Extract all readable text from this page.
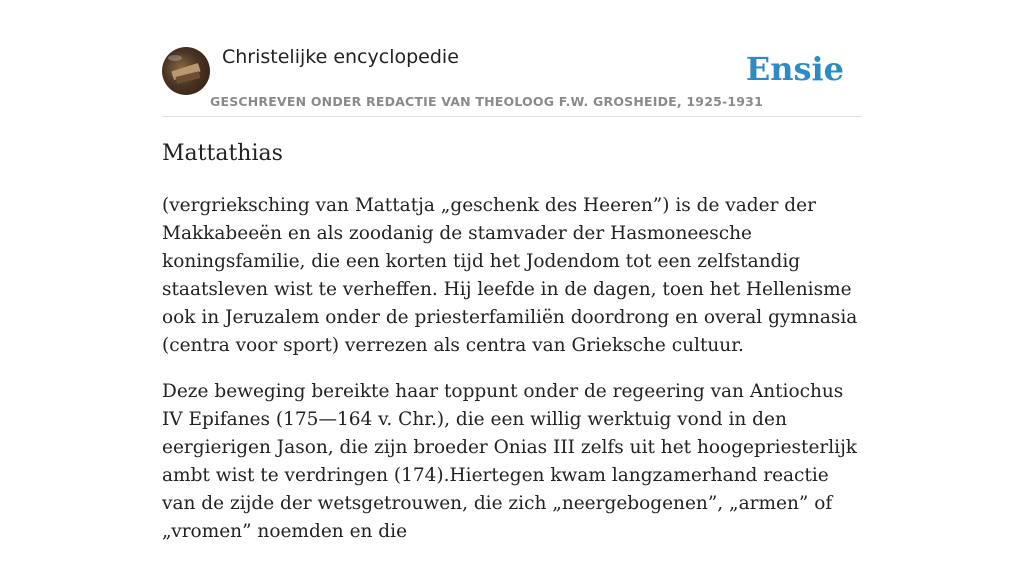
Christelijke encyclopedie
GESCHREVEN ONDER REDACTIE VAN THEOLOOG F.W. GROSHEIDE, 1925-1931
Ensie
Mattathias

(vergrieksching van Mattatja „geschenk des Heeren”) is de vader der Makkabeeën en als zoodanig de stamvader der Hasmoneesche koningsfamilie, die een korten tijd het Jodendom tot een zelfstandig staatsleven wist te verheffen. Hij leefde in de dagen, toen het Hellenisme ook in Jeruzalem onder de priesterfamiliën doordrong en overal gymnasia (centra voor sport) verrezen als centra van Grieksche cultuur.

Deze beweging bereikte haar toppunt onder de regeering van Antiochus IV Epifanes (175—164 v. Chr.), die een willig werktuig vond in den eergierigen Jason, die zijn broeder Onias III zelfs uit het hoogepriesterlijk ambt wist te verdringen (174).Hiertegen kwam langzamerhand reactie van de zijde der wetsgetrouwen, die zich „neergebogenen”, „armen” of „vromen” noemden en die
